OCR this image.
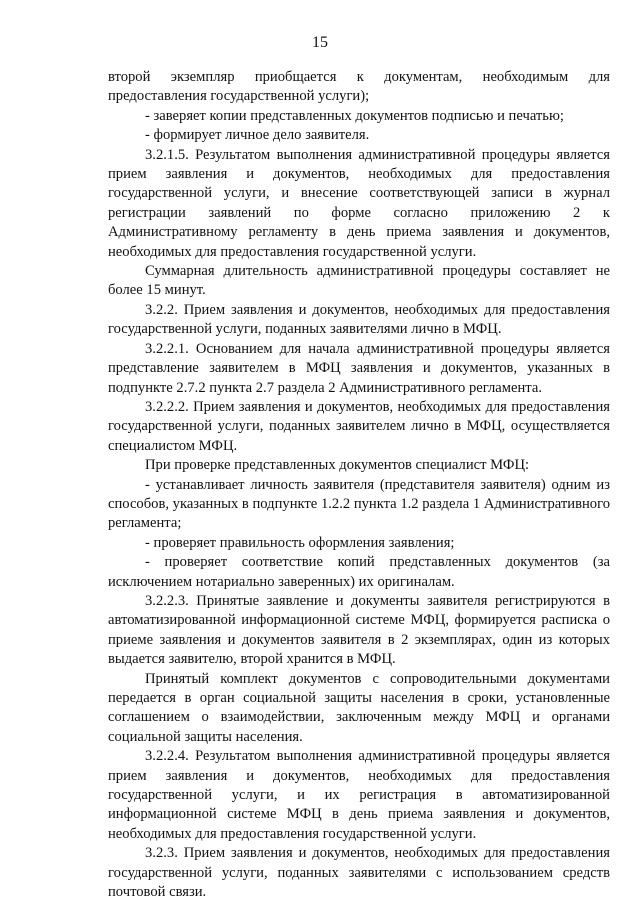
15

второй экземпляр приобщается к документам, необходимым для предоставления государственной услуги);

- заверяет копии представленных документов подписью и печатью;

- формирует личное дело заявителя.

3.2.1.5. Результатом выполнения административной процедуры является прием заявления и документов, необходимых для предоставления государственной услуги, и внесение соответствующей записи в журнал регистрации заявлений по форме согласно приложению 2 к Административному регламенту в день приема заявления и документов, необходимых для предоставления государственной услуги.

Суммарная длительность административной процедуры составляет не более 15 минут.

3.2.2. Прием заявления и документов, необходимых для предоставления государственной услуги, поданных заявителями лично в МФЦ.

3.2.2.1. Основанием для начала административной процедуры является представление заявителем в МФЦ заявления и документов, указанных в подпункте 2.7.2 пункта 2.7 раздела 2 Административного регламента.

3.2.2.2. Прием заявления и документов, необходимых для предоставления государственной услуги, поданных заявителем лично в МФЦ, осуществляется специалистом МФЦ.

При проверке представленных документов специалист МФЦ:

- устанавливает личность заявителя (представителя заявителя) одним из способов, указанных в подпункте 1.2.2 пункта 1.2 раздела 1 Административного регламента;

- проверяет правильность оформления заявления;

- проверяет соответствие копий представленных документов (за исключением нотариально заверенных) их оригиналам.

3.2.2.3. Принятые заявление и документы заявителя регистрируются в автоматизированной информационной системе МФЦ, формируется расписка о приеме заявления и документов заявителя в 2 экземплярах, один из которых выдается заявителю, второй хранится в МФЦ.

Принятый комплект документов с сопроводительными документами передается в орган социальной защиты населения в сроки, установленные соглашением о взаимодействии, заключенным между МФЦ и органами социальной защиты населения.

3.2.2.4. Результатом выполнения административной процедуры является прием заявления и документов, необходимых для предоставления государственной услуги, и их регистрация в автоматизированной информационной системе МФЦ в день приема заявления и документов, необходимых для предоставления государственной услуги.

3.2.3. Прием заявления и документов, необходимых для предоставления государственной услуги, поданных заявителями с использованием средств почтовой связи.
